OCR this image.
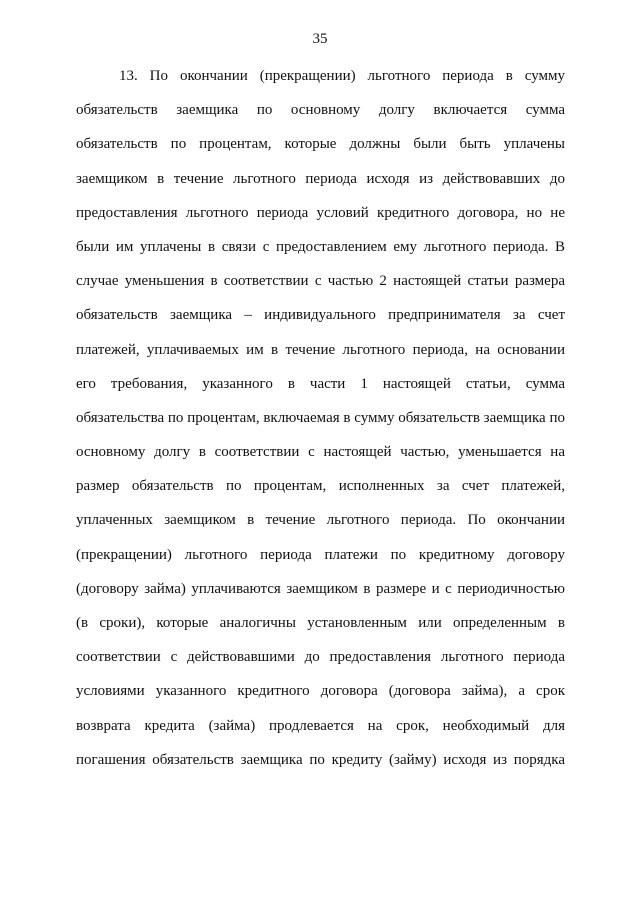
35
13. По окончании (прекращении) льготного периода в сумму
обязательств заемщика по основному долгу включается сумма
обязательств по процентам, которые должны были быть уплачены
заемщиком в течение льготного периода исходя из действовавших до
предоставления льготного периода условий кредитного договора, но не
были им уплачены в связи с предоставлением ему льготного периода. В
случае уменьшения в соответствии с частью 2 настоящей статьи размера
обязательств заемщика – индивидуального предпринимателя за счет
платежей, уплачиваемых им в течение льготного периода, на основании
его требования, указанного в части 1 настоящей статьи, сумма
обязательства по процентам, включаемая в сумму обязательств заемщика по
основному долгу в соответствии с настоящей частью, уменьшается на
размер обязательств по процентам, исполненных за счет платежей,
уплаченных заемщиком в течение льготного периода. По окончании
(прекращении) льготного периода платежи по кредитному договору
(договору займа) уплачиваются заемщиком в размере и с периодичностью
(в сроки), которые аналогичны установленным или определенным в
соответствии с действовавшими до предоставления льготного периода
условиями указанного кредитного договора (договора займа), а срок
возврата кредита (займа) продлевается на срок, необходимый для
погашения обязательств заемщика по кредиту (займу) исходя из порядка
